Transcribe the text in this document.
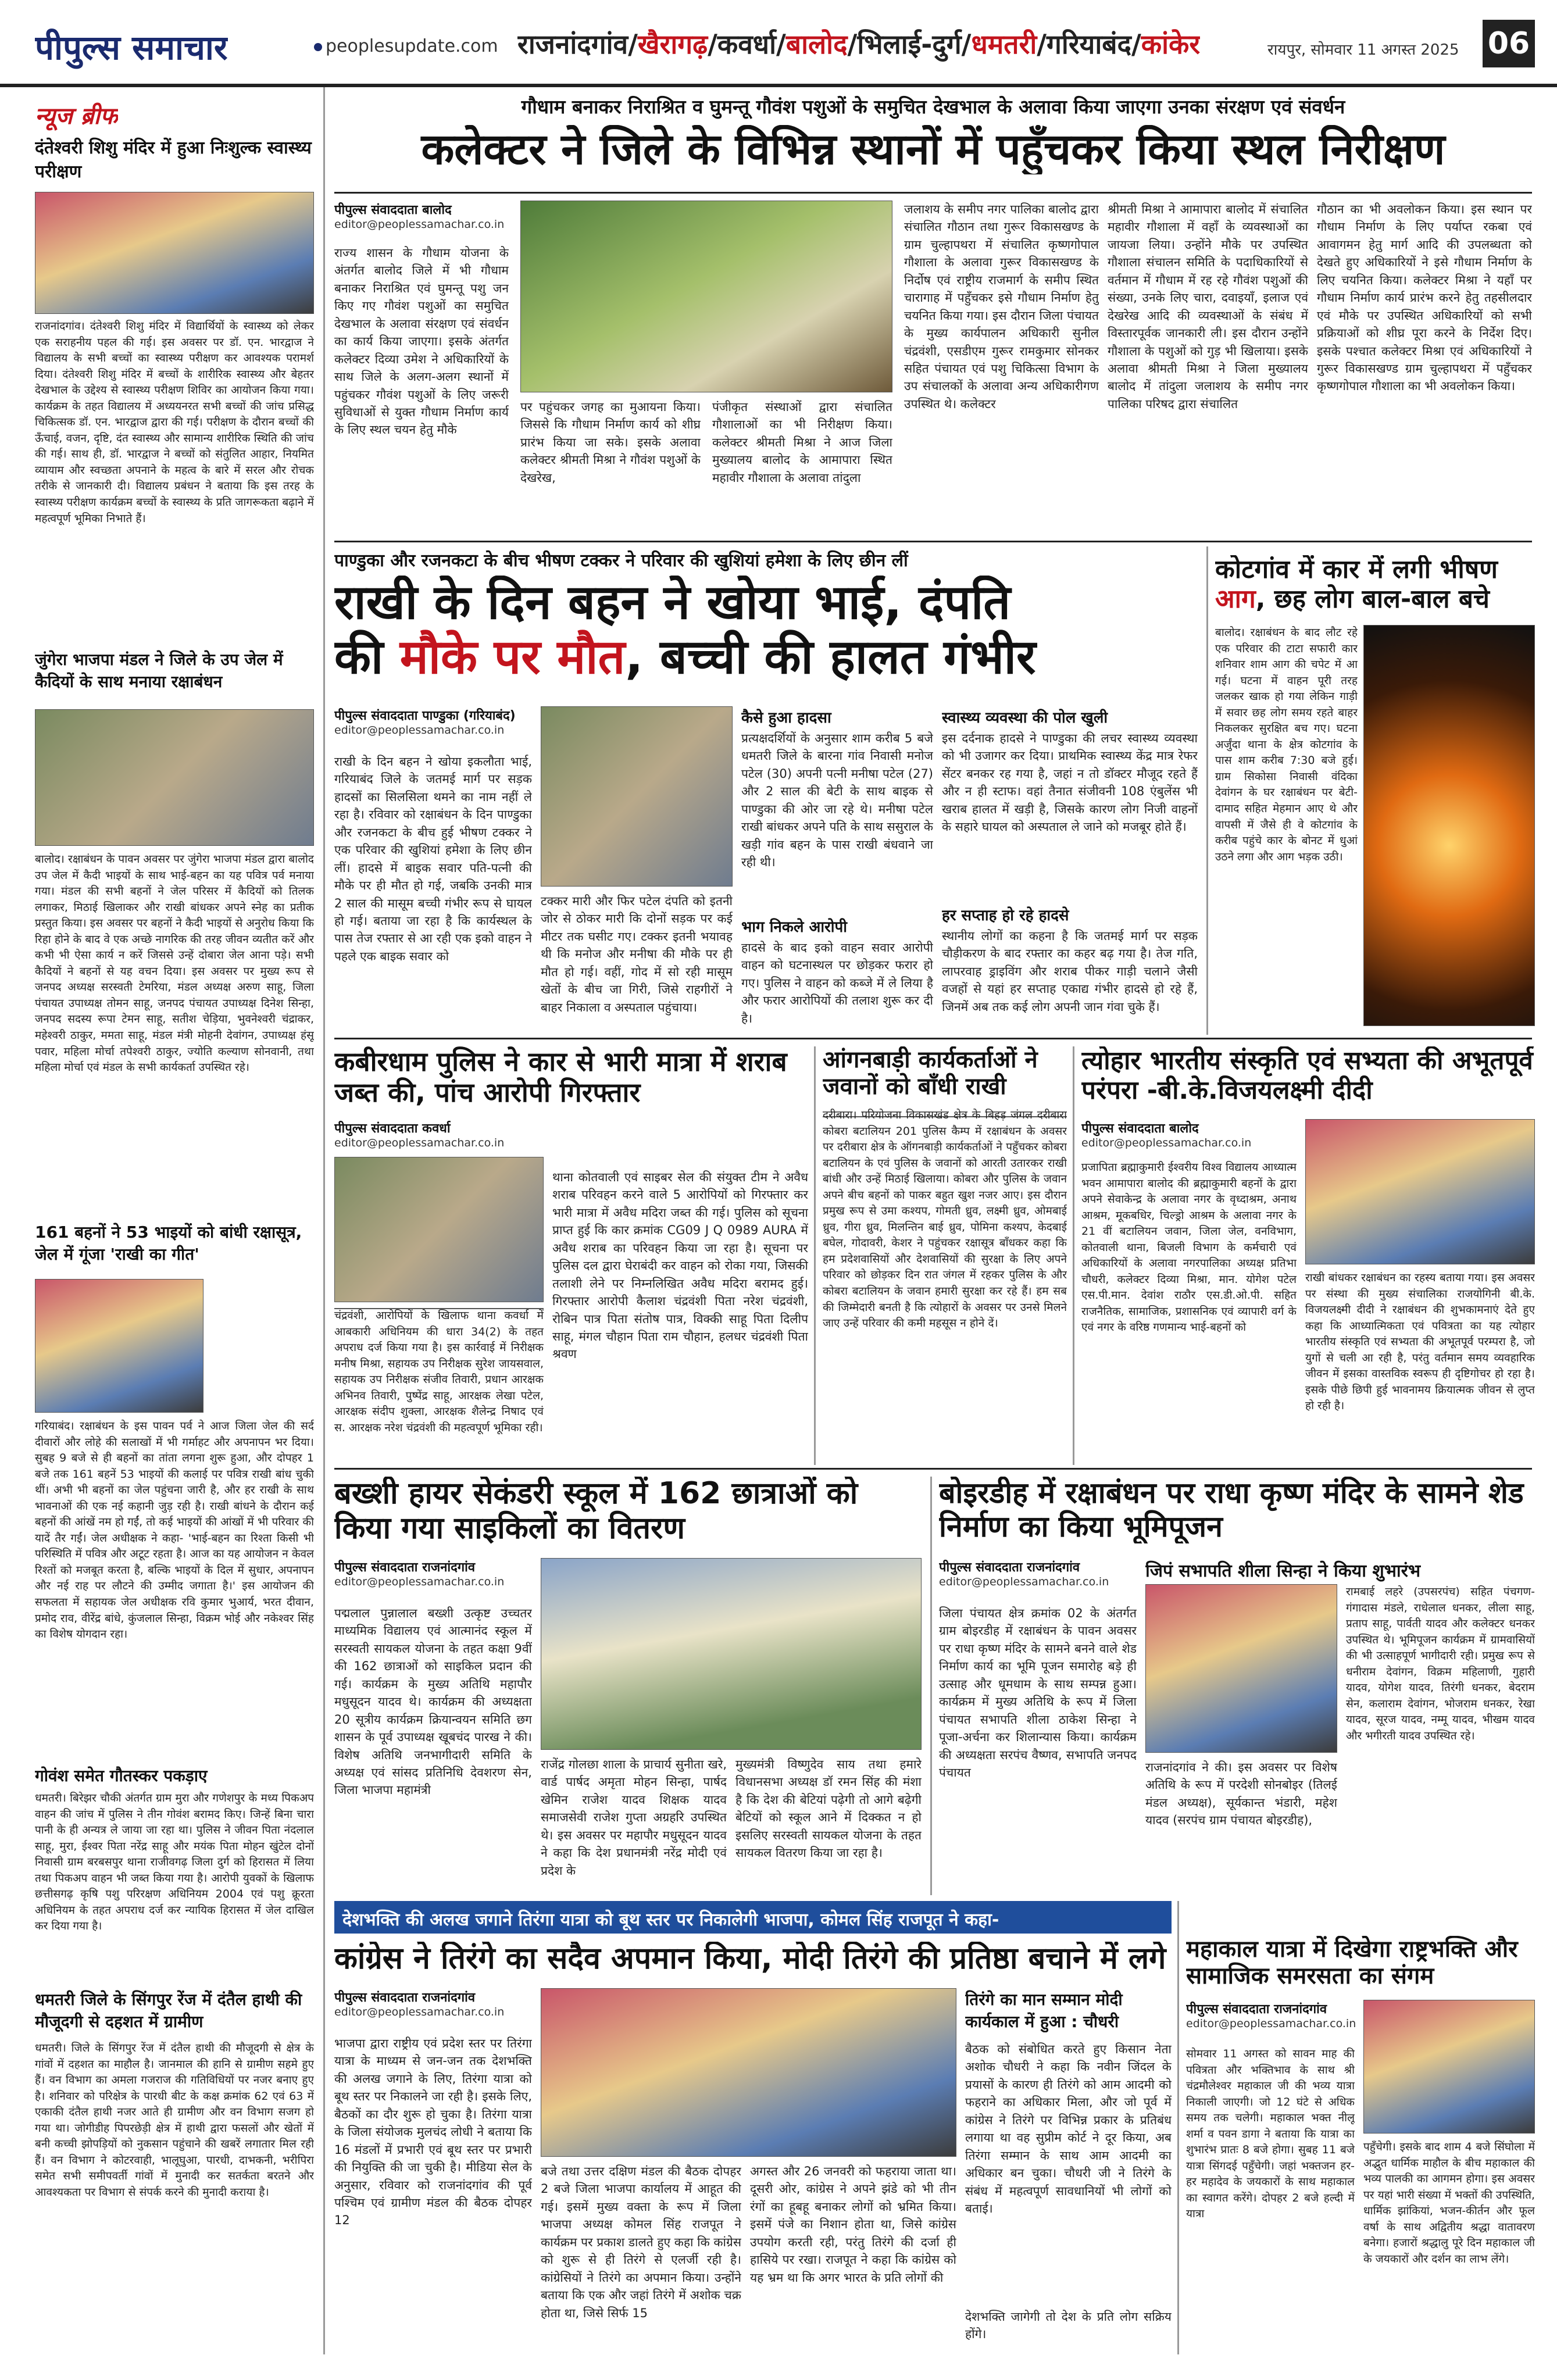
पीपुल्स समाचार	peoplesupdate.com राजनांदगांव/खैरागढ़/कवर्धा/बालोद/भिलाई-दुर्ग/धमतरी/गरियाबंद/कांकेर	रायपुर, सोमवार 11 अगस्त 2025 06
न्यूज ब्रीफ
दंतेश्वरी शिशु मंदिर में हुआ निःशुल्क स्वास्थ्य परीक्षण
राजनांदगांव। दंतेश्वरी शिशु मंदिर में विद्यार्थियों के स्वास्थ्य को लेकर एक सराहनीय पहल की गई। इस अवसर पर डॉ. एन. भारद्वाज ने विद्यालय के सभी बच्चों का स्वास्थ्य परीक्षण कर आवश्यक परामर्श दिया। दंतेश्वरी शिशु मंदिर में बच्चों के शारीरिक स्वास्थ्य और बेहतर देखभाल के उद्देश्य से स्वास्थ्य परीक्षण शिविर का आयोजन किया गया। कार्यक्रम के तहत विद्यालय में अध्ययनरत सभी बच्चों की जांच प्रसिद्ध चिकित्सक डॉ. एन. भारद्वाज द्वारा की गई। परीक्षण के दौरान बच्चों की ऊँचाई, वजन, दृष्टि, दंत स्वास्थ्य और सामान्य शारीरिक स्थिति की जांच की गई। साथ ही, डॉ. भारद्वाज ने बच्चों को संतुलित आहार, नियमित व्यायाम और स्वच्छता अपनाने के महत्व के बारे में सरल और रोचक तरीके से जानकारी दी। विद्यालय प्रबंधन ने बताया कि इस तरह के स्वास्थ्य परीक्षण कार्यक्रम बच्चों के स्वास्थ्य के प्रति जागरूकता बढ़ाने में महत्वपूर्ण भूमिका निभाते हैं।
जुंगेरा भाजपा मंडल ने जिले के उप जेल में कैदियों के साथ मनाया रक्षाबंधन
बालोद। रक्षाबंधन के पावन अवसर पर जुंगेरा भाजपा मंडल द्वारा बालोद उप जेल में कैदी भाइयों के साथ भाई-बहन का यह पवित्र पर्व मनाया गया। मंडल की सभी बहनों ने जेल परिसर में कैदियों को तिलक लगाकर, मिठाई खिलाकर और राखी बांधकर अपने स्नेह का प्रतीक प्रस्तुत किया। इस अवसर पर बहनों ने कैदी भाइयों से अनुरोध किया कि रिहा होने के बाद वे एक अच्छे नागरिक की तरह जीवन व्यतीत करें और कभी भी ऐसा कार्य न करें जिससे उन्हें दोबारा जेल आना पड़े। सभी कैदियों ने बहनों से यह वचन दिया। इस अवसर पर मुख्य रूप से जनपद अध्यक्ष सरस्वती टेमरिया, मंडल अध्यक्ष अरुण साहू, जिला पंचायत उपाध्यक्ष तोमन साहू, जनपद पंचायत उपाध्यक्ष दिनेश सिन्हा, जनपद सदस्य रूपा टेमन साहू, सतीश चेड़िया, भुवनेश्वरी चंद्राकर, महेश्वरी ठाकुर, ममता साहू, मंडल मंत्री मोहनी देवांगन, उपाध्यक्ष हंसू पवार, महिला मोर्चा तपेश्वरी ठाकुर, ज्योति कल्याण सोनवानी, तथा महिला मोर्चा एवं मंडल के सभी कार्यकर्ता उपस्थित रहे।
161 बहनों ने 53 भाइयों को बांधी रक्षासूत्र, जेल में गूंजा 'राखी का गीत'
गरियाबंद। रक्षाबंधन के इस पावन पर्व ने आज जिला जेल की सर्द दीवारों और लोहे की सलाखों में भी गर्माहट और अपनापन भर दिया। सुबह 9 बजे से ही बहनों का तांता लगना शुरू हुआ, और दोपहर 1 बजे तक 161 बहनें 53 भाइयों की कलाई पर पवित्र राखी बांध चुकी थीं। अभी भी बहनों का जेल पहुंचना जारी है, और हर राखी के साथ भावनाओं की एक नई कहानी जुड़ रही है। राखी बांधने के दौरान कई बहनों की आंखें नम हो गईं, तो कई भाइयों की आंखों में भी परिवार की यादें तैर गईं। जेल अधीक्षक ने कहा- 'भाई-बहन का रिश्ता किसी भी परिस्थिति में पवित्र और अटूट रहता है। आज का यह आयोजन न केवल रिश्तों को मजबूत करता है, बल्कि भाइयों के दिल में सुधार, अपनापन और नई राह पर लौटने की उम्मीद जगाता है।' इस आयोजन की सफलता में सहायक जेल अधीक्षक रवि कुमार भुआर्य, भरत दीवान, प्रमोद राव, वीरेंद्र बांधे, कुंजलाल सिन्हा, विक्रम भोई और नकेश्वर सिंह का विशेष योगदान रहा।
गोवंश समेत गौतस्कर पकड़ाए
धमतरी। बिरेझर चौकी अंतर्गत ग्राम मुरा और गणेशपुर के मध्य पिकअप वाहन की जांच में पुलिस ने तीन गोवंश बरामद किए। जिन्हें बिना चारा पानी के ही अन्यत्र ले जाया जा रहा था। पुलिस ने जीवन पिता नंदलाल साहू, मुरा, ईश्वर पिता नरेंद्र साहू और मयंक पिता मोहन खुंटेल दोनों निवासी ग्राम बरबसपुर थाना राजीवगढ़ जिला दुर्ग को हिरासत में लिया तथा पिकअप वाहन भी जब्त किया गया है। आरोपी युवकों के खिलाफ छत्तीसगढ़ कृषि पशु परिरक्षण अधिनियम 2004 एवं पशु क्रूरता अधिनियम के तहत अपराध दर्ज कर न्यायिक हिरासत में जेल दाखिल कर दिया गया है।
धमतरी जिले के सिंगपुर रेंज में दंतैल हाथी की मौजूदगी से दहशत में ग्रामीण
धमतरी। जिले के सिंगपुर रेंज में दंतैल हाथी की मौजूदगी से क्षेत्र के गांवों में दहशत का माहौल है। जानमाल की हानि से ग्रामीण सहमे हुए हैं। वन विभाग का अमला गजराज की गतिविधियों पर नजर बनाए हुए है। शनिवार को परिक्षेत्र के पारधी बीट के कक्ष क्रमांक 62 एवं 63 में एकाकी दंतैल हाथी नजर आते ही ग्रामीण और वन विभाग सजग हो गया था। जोगीडीह पिपरछेड़ी क्षेत्र में हाथी द्वारा फसलों और खेतों में बनी कच्ची झोपड़ियों को नुकसान पहुंचाने की खबरें लगातार मिल रही हैं। वन विभाग ने कोटरवाही, भालूघुआ, पारधी, दाभकनी, भरीपिरा समेत सभी समीपवर्ती गांवों में मुनादी कर सतर्कता बरतने और आवश्यकता पर विभाग से संपर्क करने की मुनादी कराया है।
गौधाम बनाकर निराश्रित व घुमन्तू गौवंश पशुओं के समुचित देखभाल के अलावा किया जाएगा उनका संरक्षण एवं संवर्धन
कलेक्टर ने जिले के विभिन्न स्थानों में पहुँचकर किया स्थल निरीक्षण
पीपुल्स संवाददाता बालोद
editor@peoplessamachar.co.in
राज्य शासन के गौधाम योजना के अंतर्गत बालोद जिले में भी गौधाम बनाकर निराश्रित एवं घुमन्तू पशु जन किए गए गौवंश पशुओं का समुचित देखभाल के अलावा संरक्षण एवं संवर्धन का कार्य किया जाएगा। इसके अंतर्गत कलेक्टर दिव्या उमेश ने अधिकारियों के साथ जिले के अलग-अलग स्थानों में पहुंचकर गौवंश पशुओं के लिए जरूरी सुविधाओं से युक्त गौधाम निर्माण कार्य के लिए स्थल चयन हेतु मौके
पर पहुंचकर जगह का मुआयना किया। जिससे कि गौधाम निर्माण कार्य को शीघ्र प्रारंभ किया जा सके। इसके अलावा कलेक्टर श्रीमती मिश्रा ने गौवंश पशुओं के देखरेख,
पंजीकृत संस्थाओं द्वारा संचालित गौशालाओं का भी निरीक्षण किया। कलेक्टर श्रीमती मिश्रा ने आज जिला मुख्यालय बालोद के आमापारा स्थित महावीर गौशाला के अलावा तांदुला
जलाशय के समीप नगर पालिका बालोद द्वारा संचालित गौठान तथा गुरूर विकासखण्ड के ग्राम चुल्हापथरा में संचालित कृष्णगोपाल गौशाला के अलावा गुरूर विकासखण्ड के निर्दोष एवं राष्ट्रीय राजमार्ग के समीप स्थित चारागाह में पहुँचकर इसे गौधाम निर्माण हेतु चयनित किया गया। इस दौरान जिला पंचायत के मुख्य कार्यपालन अधिकारी सुनील चंद्रवंशी, एसडीएम गुरूर रामकुमार सोनकर सहित पंचायत एवं पशु चिकित्सा विभाग के उप संचालकों के अलावा अन्य अधिकारीगण उपस्थित थे। कलेक्टर
श्रीमती मिश्रा ने आमापारा बालोद में संचालित महावीर गौशाला में वहाँ के व्यवस्थाओं का जायजा लिया। उन्होंने मौके पर उपस्थित गौशाला संचालन समिति के पदाधिकारियों से वर्तमान में गौधाम में रह रहे गौवंश पशुओं की संख्या, उनके लिए चारा, दवाइयाँ, इलाज एवं देखरेख आदि की व्यवस्थाओं के संबंध में विस्तारपूर्वक जानकारी ली। इस दौरान उन्होंने गौशाला के पशुओं को गुड़ भी खिलाया। इसके अलावा श्रीमती मिश्रा ने जिला मुख्यालय बालोद में तांदुला जलाशय के समीप नगर पालिका परिषद द्वारा संचालित
गौठान का भी अवलोकन किया। इस स्थान पर गौधाम निर्माण के लिए पर्याप्त रकबा एवं आवागमन हेतु मार्ग आदि की उपलब्धता को देखते हुए अधिकारियों ने इसे गौधाम निर्माण के लिए चयनित किया। कलेक्टर मिश्रा ने यहाँ पर गौधाम निर्माण कार्य प्रारंभ करने हेतु तहसीलदार एवं मौके पर उपस्थित अधिकारियों को सभी प्रक्रियाओं को शीघ्र पूरा करने के निर्देश दिए। इसके पश्चात कलेक्टर मिश्रा एवं अधिकारियों ने गुरूर विकासखण्ड ग्राम चुल्हापथरा में पहुँचकर कृष्णगोपाल गौशाला का भी अवलोकन किया।
पाण्डुका और रजनकटा के बीच भीषण टक्कर ने परिवार की खुशियां हमेशा के लिए छीन लीं
राखी के दिन बहन ने खोया भाई, दंपति
की मौके पर मौत, बच्ची की हालत गंभीर
पीपुल्स संवाददाता पाण्डुका (गरियाबंद)
editor@peoplessamachar.co.in
राखी के दिन बहन ने खोया इकलौता भाई, गरियाबंद जिले के जतमई मार्ग पर सड़क हादसों का सिलसिला थमने का नाम नहीं ले रहा है। रविवार को रक्षाबंधन के दिन पाण्डुका और रजनकटा के बीच हुई भीषण टक्कर ने एक परिवार की खुशियां हमेशा के लिए छीन लीं। हादसे में बाइक सवार पति-पत्नी की मौके पर ही मौत हो गई, जबकि उनकी मात्र 2 साल की मासूम बच्ची गंभीर रूप से घायल हो गई। बताया जा रहा है कि कार्यस्थल के पास तेज रफ्तार से आ रही एक इको वाहन ने पहले एक बाइक सवार को
टक्कर मारी और फिर पटेल दंपति को इतनी जोर से ठोकर मारी कि दोनों सड़क पर कई मीटर तक घसीट गए। टक्कर इतनी भयावह थी कि मनोज और मनीषा की मौके पर ही मौत हो गई। वहीं, गोद में सो रही मासूम खेतों के बीच जा गिरी, जिसे राहगीरों ने बाहर निकाला व अस्पताल पहुंचाया।
कैसे हुआ हादसा
प्रत्यक्षदर्शियों के अनुसार शाम करीब 5 बजे धमतरी जिले के बारना गांव निवासी मनोज पटेल (30) अपनी पत्नी मनीषा पटेल (27) और 2 साल की बेटी के साथ बाइक से पाण्डुका की ओर जा रहे थे। मनीषा पटेल राखी बांधकर अपने पति के साथ ससुराल के खड़ी गांव बहन के पास राखी बंधवाने जा रही थी।
भाग निकले आरोपी
हादसे के बाद इको वाहन सवार आरोपी वाहन को घटनास्थल पर छोड़कर फरार हो गए। पुलिस ने वाहन को कब्जे में ले लिया है और फरार आरोपियों की तलाश शुरू कर दी है।
स्वास्थ्य व्यवस्था की पोल खुली
इस दर्दनाक हादसे ने पाण्डुका की लचर स्वास्थ्य व्यवस्था को भी उजागर कर दिया। प्राथमिक स्वास्थ्य केंद्र मात्र रेफर सेंटर बनकर रह गया है, जहां न तो डॉक्टर मौजूद रहते हैं और न ही स्टाफ। वहां तैनात संजीवनी 108 एंबुलेंस भी खराब हालत में खड़ी है, जिसके कारण लोग निजी वाहनों के सहारे घायल को अस्पताल ले जाने को मजबूर होते हैं।
हर सप्ताह हो रहे हादसे
स्थानीय लोगों का कहना है कि जतमई मार्ग पर सड़क चौड़ीकरण के बाद रफ्तार का कहर बढ़ गया है। तेज गति, लापरवाह ड्राइविंग और शराब पीकर गाड़ी चलाने जैसी वजहों से यहां हर सप्ताह एकाद्य गंभीर हादसे हो रहे हैं, जिनमें अब तक कई लोग अपनी जान गंवा चुके हैं।
कोटगांव में कार में लगी भीषण आग, छह लोग बाल-बाल बचे
बालोद। रक्षाबंधन के बाद लौट रहे एक परिवार की टाटा सफारी कार शनिवार शाम आग की चपेट में आ गई। घटना में वाहन पूरी तरह जलकर खाक हो गया लेकिन गाड़ी में सवार छह लोग समय रहते बाहर निकलकर सुरक्षित बच गए। घटना अर्जुंदा थाना के क्षेत्र कोटगांव के पास शाम करीब 7:30 बजे हुई। ग्राम सिकोसा निवासी वंदिका देवांगन के घर रक्षाबंधन पर बेटी-दामाद सहित मेहमान आए थे और वापसी में जैसे ही वे कोटगांव के करीब पहुंचे कार के बोनट में धुआं उठने लगा और आग भड़क उठी।
कबीरधाम पुलिस ने कार से भारी मात्रा में शराब जब्त की, पांच आरोपी गिरफ्तार
पीपुल्स संवाददाता कवर्धा
editor@peoplessamachar.co.in
थाना कोतवाली एवं साइबर सेल की संयुक्त टीम ने अवैध शराब परिवहन करने वाले 5 आरोपियों को गिरफ्तार कर भारी मात्रा में अवैध मदिरा जब्त की गई। पुलिस को सूचना प्राप्त हुई कि कार क्रमांक CG09 J Q 0989 AURA में अवैध शराब का परिवहन किया जा रहा है। सूचना पर पुलिस दल द्वारा घेराबंदी कर वाहन को रोका गया, जिसकी तलाशी लेने पर निम्नलिखित अवैध मदिरा बरामद हुई। गिरफ्तार आरोपी कैलाश चंद्रवंशी पिता नरेश चंद्रवंशी, रोबिन पात्र पिता संतोष पात्र, विक्की साहू पिता दिलीप साहू, मंगल चौहान पिता राम चौहान, हलधर चंद्रवंशी पिता श्रवण
चंद्रवंशी, आरोपियों के खिलाफ थाना कवर्धा में आबकारी अधिनियम की धारा 34(2) के तहत अपराध दर्ज किया गया है। इस कार्रवाई में निरीक्षक मनीष मिश्रा, सहायक उप निरीक्षक सुरेश जायसवाल, सहायक उप निरीक्षक संजीव तिवारी, प्रधान आरक्षक अभिनव तिवारी, पुष्पेंद्र साहू, आरक्षक लेखा पटेल, आरक्षक संदीप शुक्ला, आरक्षक शैलेन्द्र निषाद एवं स. आरक्षक नरेश चंद्रवंशी की महत्वपूर्ण भूमिका रही।
आंगनबाड़ी कार्यकर्ताओं ने जवानों को बाँधी राखी
दरीबारा। परियोजना विकासखंड क्षेत्र के बिहड़ जंगल दरीबारा कोबरा बटालियन 201 पुलिस कैम्प में रक्षाबंधन के अवसर पर दरीबारा क्षेत्र के ऑगनबाड़ी कार्यकर्ताओं ने पहुँचकर कोबरा बटालियन के एवं पुलिस के जवानों को आरती उतारकर राखी बांधी और उन्हें मिठाई खिलाया। कोबरा और पुलिस के जवान अपने बीच बहनों को पाकर बहुत खुश नजर आए। इस दौरान प्रमुख रूप से उमा कश्यप, गोमती ध्रुव, लक्ष्मी ध्रुव, ओमबाई ध्रुव, गीरा ध्रुव, मिलन्तिन बाई ध्रुव, पोमिना कश्यप, केदबाई बघेल, गोदावरी, केशर ने पहुंचकर रक्षासूत्र बाँधकर कहा कि हम प्रदेशवासियों और देशवासियों की सुरक्षा के लिए अपने परिवार को छोड़कर दिन रात जंगल में रहकर पुलिस के और कोबरा बटालियन के जवान हमारी सुरक्षा कर रहे हैं। हम सब की जिम्मेदारी बनती है कि त्योहारों के अवसर पर उनसे मिलने जाए उन्हें परिवार की कमी महसूस न होने दें।
त्योहार भारतीय संस्कृति एवं सभ्यता की अभूतपूर्व परंपरा -बी.के.विजयलक्ष्मी दीदी
पीपुल्स संवाददाता बालोद
editor@peoplessamachar.co.in
प्रजापिता ब्रह्माकुमारी ईश्वरीय विश्व विद्यालय आध्यात्म भवन आमापारा बालोद की ब्रह्माकुमारी बहनों के द्वारा अपने सेवाकेन्द्र के अलावा नगर के वृध्दाश्रम, अनाथ आश्रम, मूकबधिर, चिल्ड्रो आश्रम के अलावा नगर के 21 वीं बटालियन जवान, जिला जेल, वनविभाग, कोतवाली थाना, बिजली विभाग के कर्मचारी एवं अधिकारियों के अलावा नगरपालिका अध्यक्ष प्रतिभा चौधरी, कलेक्टर दिव्या मिश्रा, मान. योगेश पटेल एस.पी.मान. देवांश राठौर एस.डी.ओ.पी. सहित राजनैतिक, सामाजिक, प्रशासनिक एवं व्यापारी वर्ग के एवं नगर के वरिष्ठ गणमान्य भाई-बहनों को
राखी बांधकर रक्षाबंधन का रहस्य बताया गया। इस अवसर पर संस्था की मुख्य संचालिका राजयोगिनी बी.के. विजयलक्ष्मी दीदी ने रक्षाबंधन की शुभकामनाएं देते हुए कहा कि आध्यात्मिकता एवं पवित्रता का यह त्योहार भारतीय संस्कृति एवं सभ्यता की अभूतपूर्व परम्परा है, जो युगों से चली आ रही है, परंतु वर्तमान समय व्यवहारिक जीवन में इसका वास्तविक स्वरूप ही दृष्टिगोचर हो रहा है। इसके पीछे छिपी हुई भावनामय क्रियात्मक जीवन से लुप्त हो रही है।
बख्शी हायर सेकंडरी स्कूल में 162 छात्राओं को किया गया साइकिलों का वितरण
पीपुल्स संवाददाता राजनांदगांव
editor@peoplessamachar.co.in
पद्मलाल पुन्नालाल बख्शी उत्कृष्ट उच्चतर माध्यमिक विद्यालय एवं आत्मानंद स्कूल में सरस्वती सायकल योजना के तहत कक्षा 9वीं की 162 छात्राओं को साइकिल प्रदान की गई। कार्यक्रम के मुख्य अतिथि महापौर मधुसूदन यादव थे। कार्यक्रम की अध्यक्षता 20 सूत्रीय कार्यक्रम क्रियान्वयन समिति छग शासन के पूर्व उपाध्यक्ष खूबचंद पारख ने की। विशेष अतिथि जनभागीदारी समिति के अध्यक्ष एवं सांसद प्रतिनिधि देवशरण सेन, जिला भाजपा महामंत्री
राजेंद्र गोलछा शाला के प्राचार्य सुनीता खरे, वार्ड पार्षद अमृता मोहन सिन्हा, पार्षद खेमिन राजेश यादव शिक्षक यादव समाजसेवी राजेश गुप्ता अग्रहरि उपस्थित थे। इस अवसर पर महापौर मधुसूदन यादव ने कहा कि देश प्रधानमंत्री नरेंद्र मोदी एवं प्रदेश के
मुख्यमंत्री विष्णुदेव साय तथा हमारे विधानसभा अध्यक्ष डॉ रमन सिंह की मंशा है कि देश की बेटियां पढ़ेगी तो आगे बढ़ेगी बेटियों को स्कूल आने में दिक्कत न हो इसलिए सरस्वती सायकल योजना के तहत सायकल वितरण किया जा रहा है।
बोइरडीह में रक्षाबंधन पर राधा कृष्ण मंदिर के सामने शेड निर्माण का किया भूमिपूजन
पीपुल्स संवाददाता राजनांदगांव
editor@peoplessamachar.co.in
जिपं सभापति शीला सिन्हा ने किया शुभारंभ
जिला पंचायत क्षेत्र क्रमांक 02 के अंतर्गत ग्राम बोइरडीह में रक्षाबंधन के पावन अवसर पर राधा कृष्ण मंदिर के सामने बनने वाले शेड निर्माण कार्य का भूमि पूजन समारोह बड़े ही उत्साह और धूमधाम के साथ सम्पन्न हुआ। कार्यक्रम में मुख्य अतिथि के रूप में जिला पंचायत सभापति शीला ठाकेश सिन्हा ने पूजा-अर्चना कर शिलान्यास किया। कार्यक्रम की अध्यक्षता सरपंच वैष्णव, सभापति जनपद पंचायत	राजनांदगांव ने की। इस अवसर पर विशेष अतिथि के रूप में परदेशी सोनबोइर (तिलई मंडल अध्यक्ष), सूर्यकान्त भंडारी, महेश यादव (सरपंच ग्राम पंचायत बोइरडीह),
रामबाई लहरे (उपसरपंच) सहित पंचगण-गंगादास मंडले, राधेलाल धनकर, लीला साहू, प्रताप साहू, पार्वती यादव और कलेक्टर धनकर उपस्थित थे। भूमिपूजन कार्यक्रम में ग्रामवासियों की भी उत्साहपूर्ण भागीदारी रही। प्रमुख रूप से धनीराम देवांगन, विक्रम महिलाणी, गुहारी यादव, योगेश यादव, तिरंगी धनकर, बेदराम सेन, कलाराम देवांगन, भोजराम धनकर, रेखा यादव, सूरज यादव, नम्मू यादव, भीखम यादव और भगीरती यादव उपस्थित रहे।
देशभक्ति की अलख जगाने तिरंगा यात्रा को बूथ स्तर पर निकालेगी भाजपा, कोमल सिंह राजपूत ने कहा-
कांग्रेस ने तिरंगे का सदैव अपमान किया, मोदी तिरंगे की प्रतिष्ठा बचाने में लगे
पीपुल्स संवाददाता राजनांदगांव
editor@peoplessamachar.co.in
भाजपा द्वारा राष्ट्रीय एवं प्रदेश स्तर पर तिरंगा यात्रा के माध्यम से जन-जन तक देशभक्ति की अलख जगाने के लिए, तिरंगा यात्रा को बूथ स्तर पर निकालने जा रही है। इसके लिए, बैठकों का दौर शुरू हो चुका है। तिरंगा यात्रा के जिला संयोजक मुलचंद लोधी ने बताया कि 16 मंडलों में प्रभारी एवं बूथ स्तर पर प्रभारी की नियुक्ति की जा चुकी है। मीडिया सेल के अनुसार, रविवार को राजनांदगांव की पूर्व पश्चिम एवं ग्रामीण मंडल की बैठक दोपहर 12
बजे तथा उत्तर दक्षिण मंडल की बैठक दोपहर 2 बजे जिला भाजपा कार्यालय में आहूत की गई। इसमें मुख्य वक्ता के रूप में जिला भाजपा अध्यक्ष कोमल सिंह राजपूत ने कार्यक्रम पर प्रकाश डालते हुए कहा कि कांग्रेस को शुरू से ही तिरंगे से एलर्जी रही है। कांग्रेसियों ने तिरंगे का अपमान किया। उन्होंने बताया कि एक और जहां तिरंगे में अशोक चक्र होता था, जिसे सिर्फ 15
अगस्त और 26 जनवरी को फहराया जाता था। दूसरी ओर, कांग्रेस ने अपने झंडे को भी तीन रंगों का हूबहू बनाकर लोगों को भ्रमित किया। इसमें पंजे का निशान होता था, जिसे कांग्रेस उपयोग करती रही, परंतु तिरंगे की दर्जा ही हासिये पर रखा। राजपूत ने कहा कि कांग्रेस को यह भ्रम था कि अगर भारत के प्रति लोगों की
तिरंगे का मान सम्मान मोदी कार्यकाल में हुआ : चौधरी
बैठक को संबोधित करते हुए किसान नेता अशोक चौधरी ने कहा कि नवीन जिंदल के प्रयासों के कारण ही तिरंगे को आम आदमी को फहराने का अधिकार मिला, और जो पूर्व में कांग्रेस ने तिरंगे पर विभिन्न प्रकार के प्रतिबंध लगाया था वह सुप्रीम कोर्ट ने दूर किया, अब तिरंगा सम्मान के साथ आम आदमी का अधिकार बन चुका। चौधरी जी ने तिरंगे के संबंध में महत्वपूर्ण सावधानियों भी लोगों को बताई।
देशभक्ति जागेगी तो देश के प्रति लोग सक्रिय होंगे।
महाकाल यात्रा में दिखेगा राष्ट्रभक्ति और सामाजिक समरसता का संगम
पीपुल्स संवाददाता राजनांदगांव
editor@peoplessamachar.co.in
सोमवार 11 अगस्त को सावन माह की पवित्रता और भक्तिभाव के साथ श्री चंद्रमौलेश्वर महाकाल जी की भव्य यात्रा निकाली जाएगी। जो 12 घंटे से अधिक समय तक चलेगी। महाकाल भक्त नीलू शर्मा व पवन डागा ने बताया कि यात्रा का शुभारंभ प्रातः 8 बजे होगा। सुबह 11 बजे यात्रा सिंगदई पहुँचेगी। जहां भक्तजन हर-हर महादेव के जयकारों के साथ महाकाल का स्वागत करेंगे। दोपहर 2 बजे हल्दी में यात्रा
पहुँचेगी। इसके बाद शाम 4 बजे सिंघोला में अद्भुत धार्मिक माहौल के बीच महाकाल की भव्य पालकी का आगमन होगा। इस अवसर पर यहां भारी संख्या में भक्तों की उपस्थिति, धार्मिक झांकियां, भजन-कीर्तन और फूल वर्षा के साथ अद्वितीय श्रद्धा वातावरण बनेगा। हजारों श्रद्धालु पूरे दिन महाकाल जी के जयकारों और दर्शन का लाभ लेंगे।
